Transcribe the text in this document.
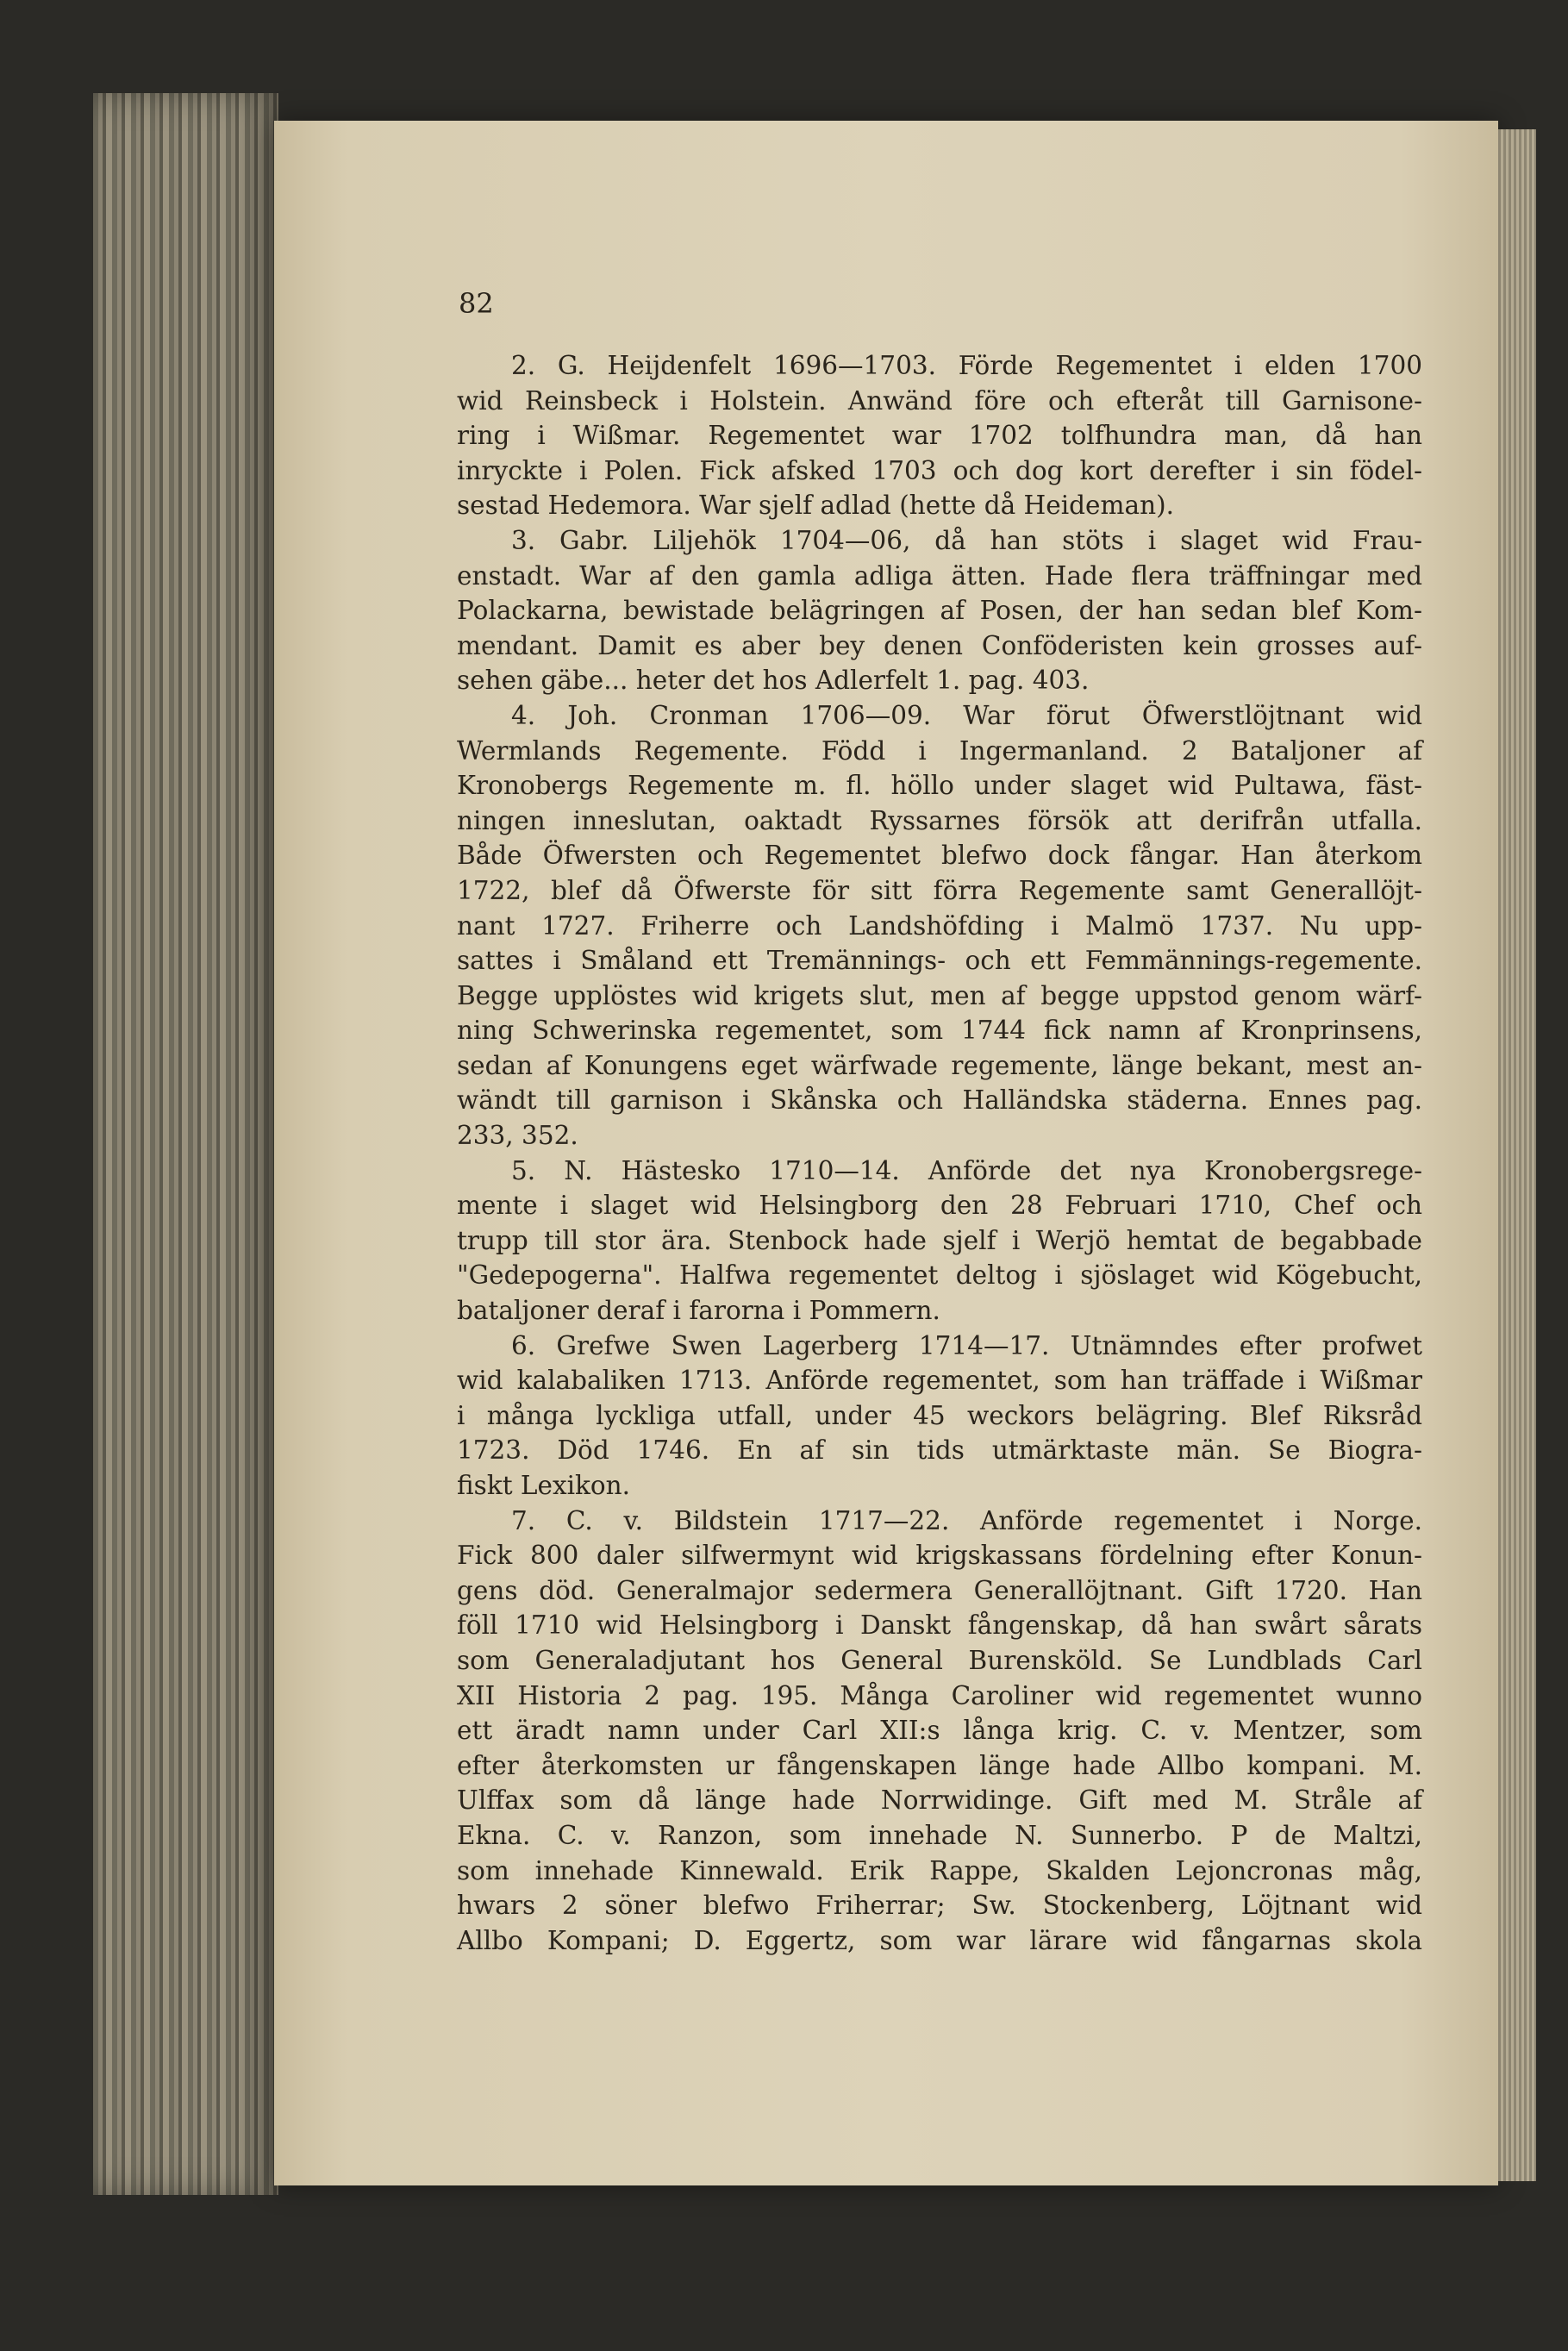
82

2. G. Heijdenfelt 1696—1703. Förde Regementet i elden 1700
wid Reinsbeck i Holstein. Anwänd före och efteråt till Garnisone-
ring i Wißmar. Regementet war 1702 tolfhundra man, då han
inryckte i Polen. Fick afsked 1703 och dog kort derefter i sin födel-
sestad Hedemora. War sjelf adlad (hette då Heideman).
3. Gabr. Liljehök 1704—06, då han stöts i slaget wid Frau-
enstadt. War af den gamla adliga ätten. Hade flera träffningar med
Polackarna, bewistade belägringen af Posen, der han sedan blef Kom-
mendant. Damit es aber bey denen Conföderisten kein grosses auf-
sehen gäbe... heter det hos Adlerfelt 1. pag. 403.
4. Joh. Cronman 1706—09. War förut Öfwerstlöjtnant wid
Wermlands Regemente. Född i Ingermanland. 2 Bataljoner af
Kronobergs Regemente m. fl. höllo under slaget wid Pultawa, fäst-
ningen inneslutan, oaktadt Ryssarnes försök att derifrån utfalla.
Både Öfwersten och Regementet blefwo dock fångar. Han återkom
1722, blef då Öfwerste för sitt förra Regemente samt Generallöjt-
nant 1727. Friherre och Landshöfding i Malmö 1737. Nu upp-
sattes i Småland ett Tremännings- och ett Femmännings-regemente.
Begge upplöstes wid krigets slut, men af begge uppstod genom wärf-
ning Schwerinska regementet, som 1744 fick namn af Kronprinsens,
sedan af Konungens eget wärfwade regemente, länge bekant, mest an-
wändt till garnison i Skånska och Halländska städerna. Ennes pag.
233, 352.
5. N. Hästesko 1710—14. Anförde det nya Kronobergsrege-
mente i slaget wid Helsingborg den 28 Februari 1710, Chef och
trupp till stor ära. Stenbock hade sjelf i Werjö hemtat de begabbade
"Gedepogerna". Halfwa regementet deltog i sjöslaget wid Kögebucht,
bataljoner deraf i farorna i Pommern.
6. Grefwe Swen Lagerberg 1714—17. Utnämndes efter profwet
wid kalabaliken 1713. Anförde regementet, som han träffade i Wißmar
i många lyckliga utfall, under 45 weckors belägring. Blef Riksråd
1723. Död 1746. En af sin tids utmärktaste män. Se Biogra-
fiskt Lexikon.
7. C. v. Bildstein 1717—22. Anförde regementet i Norge.
Fick 800 daler silfwermynt wid krigskassans fördelning efter Konun-
gens död. Generalmajor sedermera Generallöjtnant. Gift 1720. Han
föll 1710 wid Helsingborg i Danskt fångenskap, då han swårt sårats
som Generaladjutant hos General Burensköld. Se Lundblads Carl
XII Historia 2 pag. 195. Många Caroliner wid regementet wunno
ett äradt namn under Carl XII:s långa krig. C. v. Mentzer, som
efter återkomsten ur fångenskapen länge hade Allbo kompani. M.
Ulffax som då länge hade Norrwidinge. Gift med M. Stråle af
Ekna. C. v. Ranzon, som innehade N. Sunnerbo. P de Maltzi,
som innehade Kinnewald. Erik Rappe, Skalden Lejoncronas måg,
hwars 2 söner blefwo Friherrar; Sw. Stockenberg, Löjtnant wid
Allbo Kompani; D. Eggertz, som war lärare wid fångarnas skola
